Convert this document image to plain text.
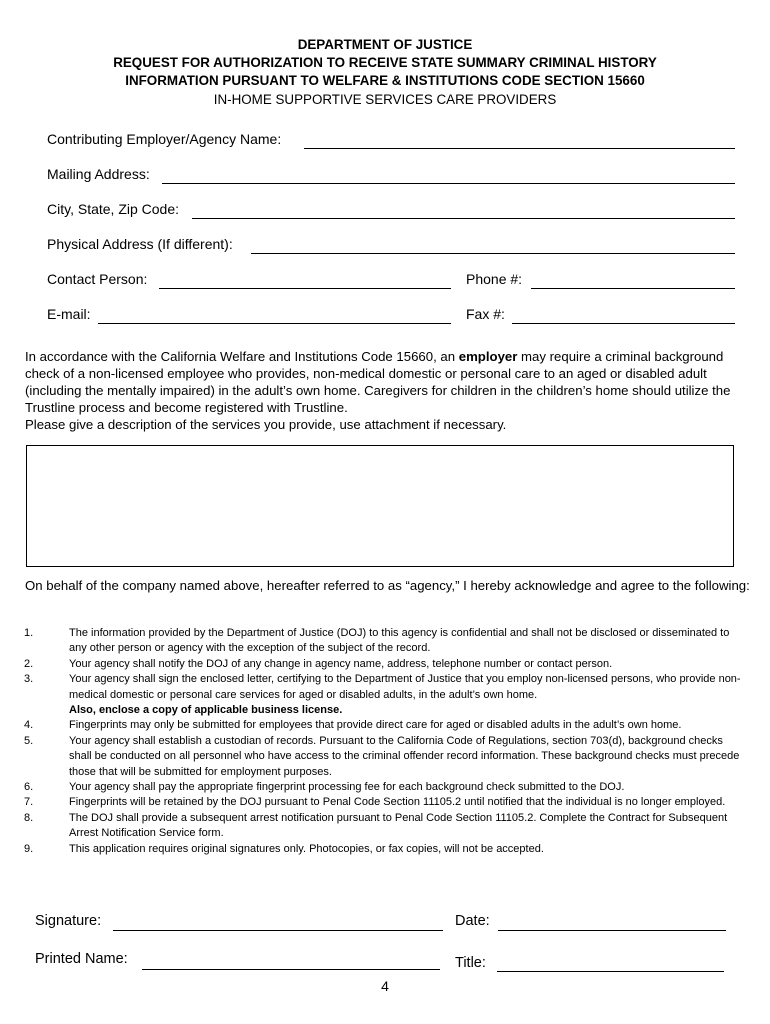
DEPARTMENT OF JUSTICE
REQUEST FOR AUTHORIZATION TO RECEIVE STATE SUMMARY CRIMINAL HISTORY
INFORMATION PURSUANT TO WELFARE & INSTITUTIONS CODE SECTION 15660
IN-HOME SUPPORTIVE SERVICES CARE PROVIDERS
Contributing Employer/Agency Name:
Mailing Address:
City, State, Zip Code:
Physical Address (If different):
Contact Person:	Phone #:
E-mail:	Fax #:

In accordance with the California Welfare and Institutions Code 15660, an employer may require a criminal background check of a non-licensed employee who provides, non-medical domestic or personal care to an aged or disabled adult (including the mentally impaired) in the adult’s own home. Caregivers for children in the children’s home should utilize the Trustline process and become registered with Trustline.

Please give a description of the services you provide, use attachment if necessary.

On behalf of the company named above, hereafter referred to as “agency,” I hereby acknowledge and agree to the following:
1.	The information provided by the Department of Justice (DOJ) to this agency is confidential and shall not be disclosed or disseminated to any other person or agency with the exception of the subject of the record.
2.	Your agency shall notify the DOJ of any change in agency name, address, telephone number or contact person.
3.	Your agency shall sign the enclosed letter, certifying to the Department of Justice that you employ non-licensed persons, who provide non-medical domestic or personal care services for aged or disabled adults, in the adult’s own home.
Also, enclose a copy of applicable business license.
4.	Fingerprints may only be submitted for employees that provide direct care for aged or disabled adults in the adult’s own home.
5.	Your agency shall establish a custodian of records. Pursuant to the California Code of Regulations, section 703(d), background checks shall be conducted on all personnel who have access to the criminal offender record information. These background checks must precede those that will be submitted for employment purposes.
6.	Your agency shall pay the appropriate fingerprint processing fee for each background check submitted to the DOJ.
7.	Fingerprints will be retained by the DOJ pursuant to Penal Code Section 11105.2 until notified that the individual is no longer employed.
8.	The DOJ shall provide a subsequent arrest notification pursuant to Penal Code Section 11105.2. Complete the Contract for Subsequent Arrest Notification Service form.
9.	This application requires original signatures only. Photocopies, or fax copies, will not be accepted.
Signature:	Date:
Printed Name:	Title:
4
